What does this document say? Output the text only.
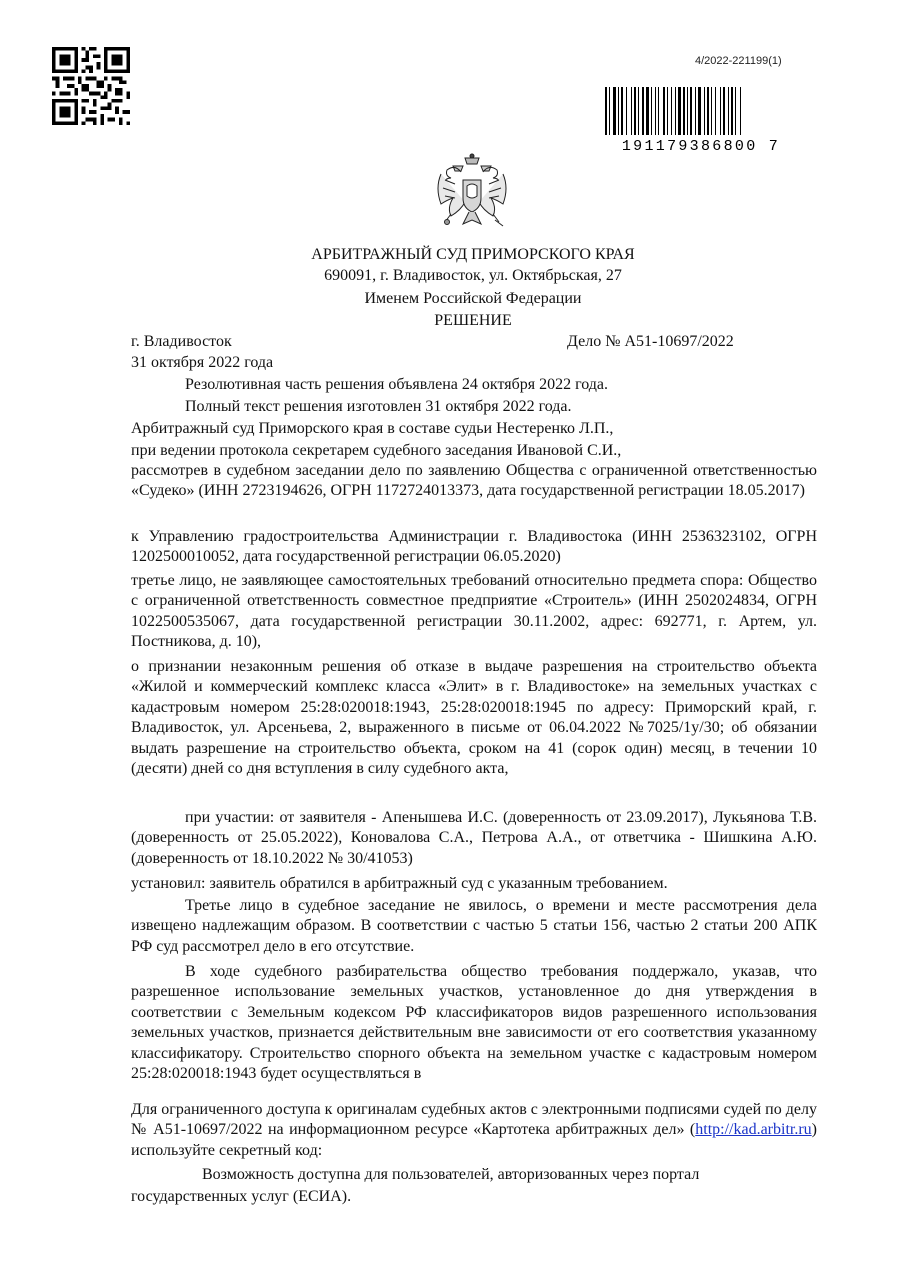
4/2022-221199(1)
191179386800 7
АРБИТРАЖНЫЙ СУД ПРИМОРСКОГО КРАЯ
690091, г. Владивосток, ул. Октябрьская, 27
Именем Российской Федерации
РЕШЕНИЕ
г. Владивосток	Дело № А51-10697/2022
31 октября 2022 года
Резолютивная часть решения объявлена 24 октября 2022 года.
Полный текст решения изготовлен 31 октября 2022 года.
Арбитражный суд Приморского края в составе судьи Нестеренко Л.П.,
при ведении протокола секретарем судебного заседания Ивановой С.И.,
рассмотрев в судебном заседании дело по заявлению Общества с ограниченной ответственностью «Судеко» (ИНН 2723194626, ОГРН 1172724013373, дата государственной регистрации 18.05.2017)
к Управлению градостроительства Администрации г. Владивостока (ИНН 2536323102, ОГРН 1202500010052, дата государственной регистрации 06.05.2020)
третье лицо, не заявляющее самостоятельных требований относительно предмета спора: Общество с ограниченной ответственность совместное предприятие «Строитель» (ИНН 2502024834, ОГРН 1022500535067, дата государственной регистрации 30.11.2002, адрес: 692771, г. Артем, ул. Постникова, д. 10),
о признании незаконным решения об отказе в выдаче разрешения на строительство объекта «Жилой и коммерческий комплекс класса «Элит» в г. Владивостоке» на земельных участках с кадастровым номером 25:28:020018:1943, 25:28:020018:1945 по адресу: Приморский край, г. Владивосток, ул. Арсеньева, 2, выраженного в письме от 06.04.2022 №7025/1у/30; об обязании выдать разрешение на строительство объекта, сроком на 41 (сорок один) месяц, в течении 10 (десяти) дней со дня вступления в силу судебного акта,
при участии: от заявителя - Апенышева И.С. (доверенность от 23.09.2017), Лукьянова Т.В. (доверенность от 25.05.2022), Коновалова С.А., Петрова А.А., от ответчика - Шишкина А.Ю. (доверенность от 18.10.2022 № 30/41053)
установил: заявитель обратился в арбитражный суд с указанным требованием.
Третье лицо в судебное заседание не явилось, о времени и месте рассмотрения дела извещено надлежащим образом. В соответствии с частью 5 статьи 156, частью 2 статьи 200 АПК РФ суд рассмотрел дело в его отсутствие.
В ходе судебного разбирательства общество требования поддержало, указав, что разрешенное использование земельных участков, установленное до дня утверждения в соответствии с Земельным кодексом РФ классификаторов видов разрешенного использования земельных участков, признается действительным вне зависимости от его соответствия указанному классификатору. Строительство спорного объекта на земельном участке с кадастровым номером 25:28:020018:1943 будет осуществляться в
Для ограниченного доступа к оригиналам судебных актов с электронными подписями судей по делу № А51-10697/2022 на информационном ресурсе «Картотека арбитражных дел» (http://kad.arbitr.ru) используйте секретный код:
Возможность доступна для пользователей, авторизованных через портал
государственных услуг (ЕСИА).
